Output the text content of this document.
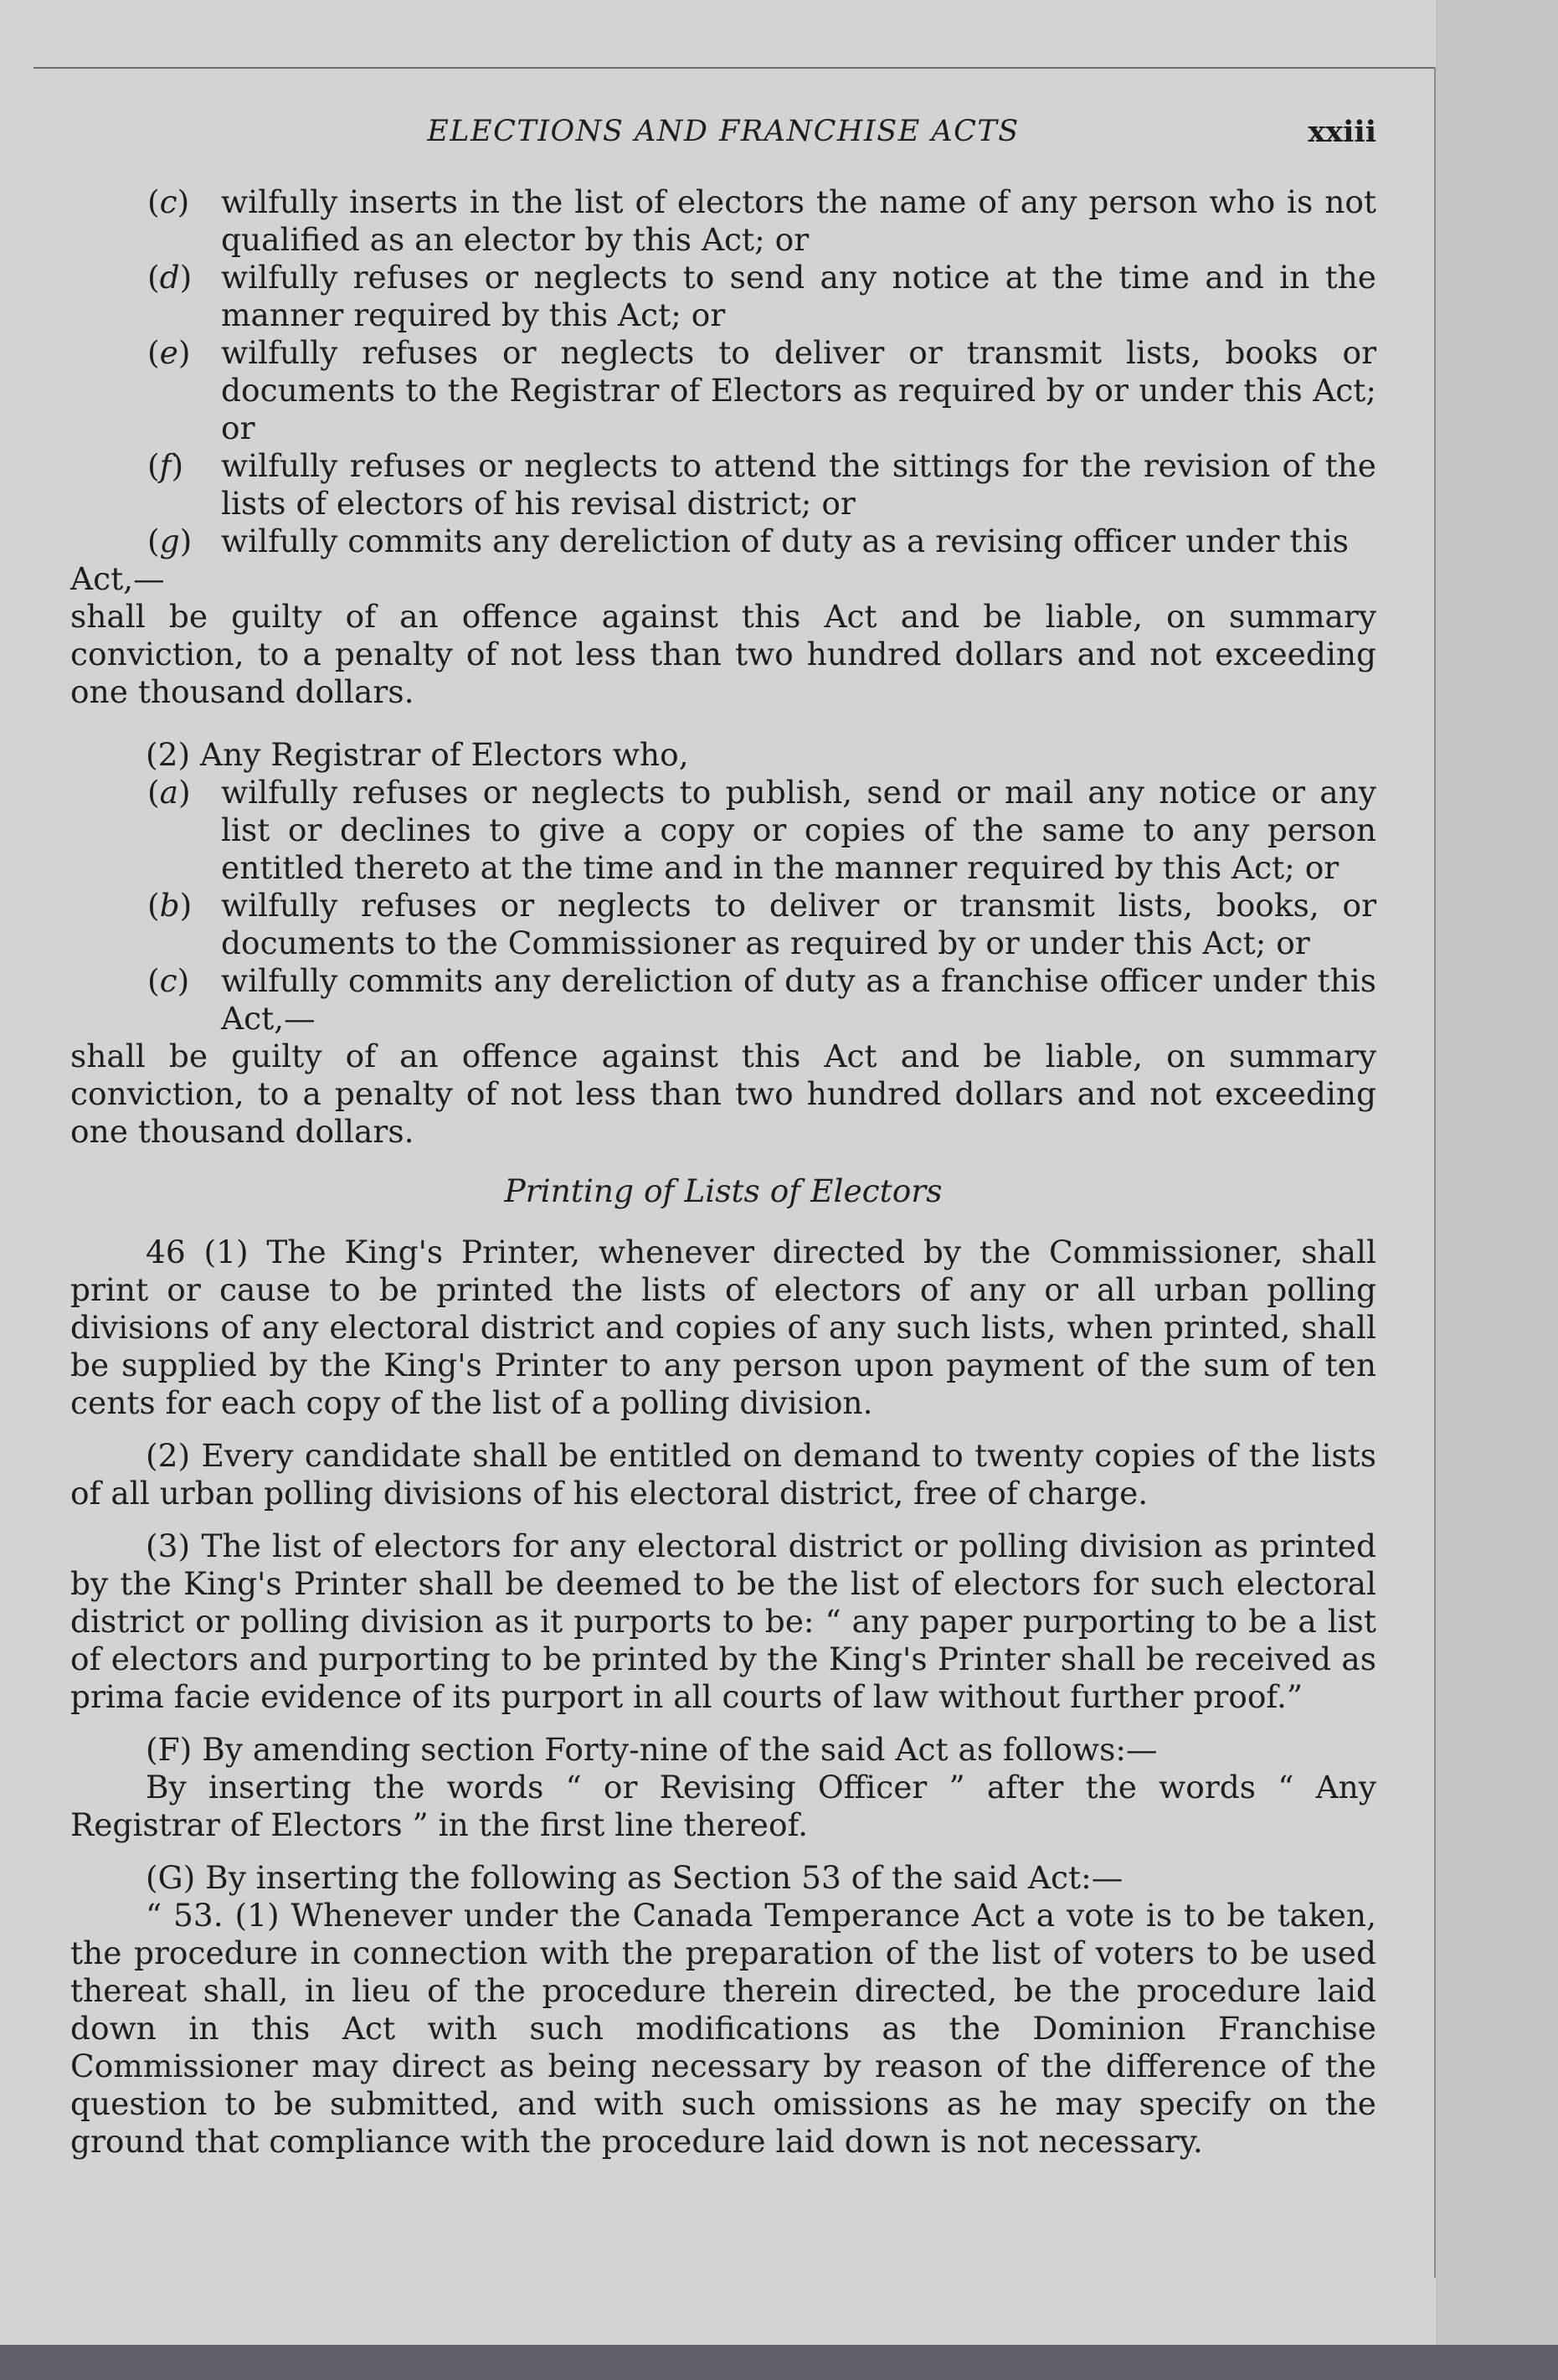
ELECTIONS AND FRANCHISE ACTS	xxiii
(c) wilfully inserts in the list of electors the name of any person who is not qualified as an elector by this Act; or

(d) wilfully refuses or neglects to send any notice at the time and in the manner required by this Act; or

(e) wilfully refuses or neglects to deliver or transmit lists, books or documents to the Registrar of Electors as required by or under this Act; or

(f) wilfully refuses or neglects to attend the sittings for the revision of the lists of electors of his revisal district; or

(g) wilfully commits any dereliction of duty as a revising officer under this

Act,—

shall be guilty of an offence against this Act and be liable, on summary conviction, to a penalty of not less than two hundred dollars and not exceeding one thousand dollars.

(2) Any Registrar of Electors who,

(a) wilfully refuses or neglects to publish, send or mail any notice or any list or declines to give a copy or copies of the same to any person entitled thereto at the time and in the manner required by this Act; or

(b) wilfully refuses or neglects to deliver or transmit lists, books, or documents to the Commissioner as required by or under this Act; or

(c) wilfully commits any dereliction of duty as a franchise officer under this Act,—

shall be guilty of an offence against this Act and be liable, on summary conviction, to a penalty of not less than two hundred dollars and not exceeding one thousand dollars.

Printing of Lists of Electors

46 (1) The King's Printer, whenever directed by the Commissioner, shall print or cause to be printed the lists of electors of any or all urban polling divisions of any electoral district and copies of any such lists, when printed, shall be supplied by the King's Printer to any person upon payment of the sum of ten cents for each copy of the list of a polling division.

(2) Every candidate shall be entitled on demand to twenty copies of the lists of all urban polling divisions of his electoral district, free of charge.

(3) The list of electors for any electoral district or polling division as printed by the King's Printer shall be deemed to be the list of electors for such electoral district or polling division as it purports to be: “ any paper purporting to be a list of electors and purporting to be printed by the King's Printer shall be received as prima facie evidence of its purport in all courts of law without further proof.”

(F) By amending section Forty-nine of the said Act as follows:—

By inserting the words “ or Revising Officer ” after the words “ Any Registrar of Electors ” in the first line thereof.

(G) By inserting the following as Section 53 of the said Act:—

“ 53. (1) Whenever under the Canada Temperance Act a vote is to be taken, the procedure in connection with the preparation of the list of voters to be used thereat shall, in lieu of the procedure therein directed, be the procedure laid down in this Act with such modifications as the Dominion Franchise Commissioner may direct as being necessary by reason of the difference of the question to be submitted, and with such omissions as he may specify on the ground that compliance with the procedure laid down is not necessary.
